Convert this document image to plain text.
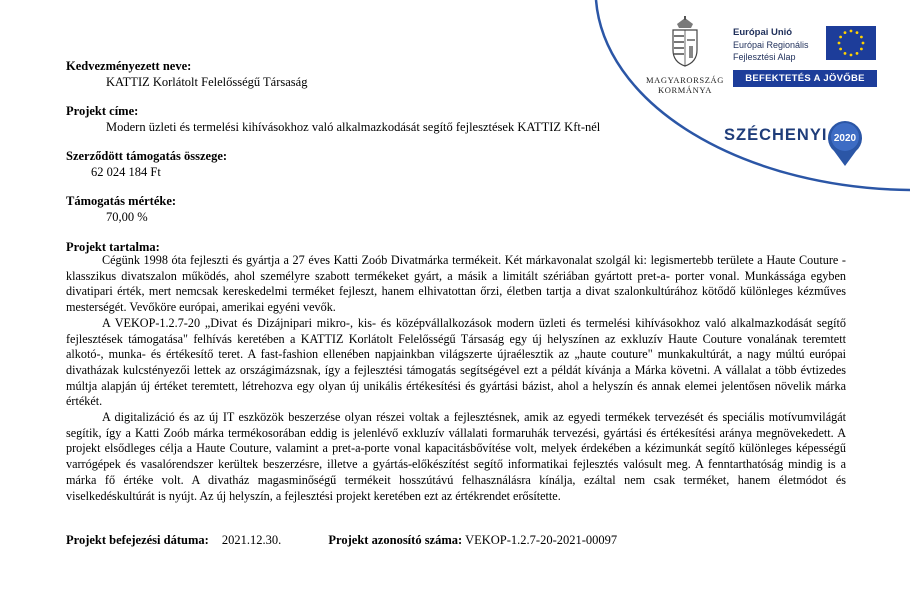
MAGYARORSZÁG KORMÁNYA
Európai Unió
Európai Regionális
Fejlesztési Alap
BEFEKTETÉS A JÖVŐBE
SZÉCHENYI 2020
Kedvezményezett neve:
KATTIZ Korlátolt Felelősségű Társaság
Projekt címe:
Modern üzleti és termelési kihívásokhoz való alkalmazkodását segítő fejlesztések KATTIZ Kft-nél
Szerződött támogatás összege:
62 024 184 Ft
Támogatás mértéke:
70,00 %
Projekt tartalma:

Cégünk 1998 óta fejleszti és gyártja a 27 éves Katti Zoób Divatmárka termékeit. Két márkavonalat szolgál ki: legismertebb területe a Haute Couture - klasszikus divatszalon működés, ahol személyre szabott termékeket gyárt, a másik a limitált szériában gyártott pret-a- porter vonal. Munkássága egyben divatipari érték, mert nemcsak kereskedelmi terméket fejleszt, hanem elhivatottan őrzi, életben tartja a divat szalonkultúrához kötődő különleges kézműves mesterségét. Vevőköre európai, amerikai egyéni vevők.

A VEKOP-1.2.7-20 „Divat és Dizájnipari mikro-, kis- és középvállalkozások modern üzleti és termelési kihívásokhoz való alkalmazkodását segítő fejlesztések támogatása" felhívás keretében a KATTIZ Korlátolt Felelősségű Társaság egy új helyszínen az exkluzív Haute Couture vonalának teremtett alkotó-, munka- és értékesítő teret. A fast-fashion ellenében napjainkban világszerte újraélesztik az „haute couture" munkakultúrát, a nagy múltú európai divatházak kulcstényezői lettek az országimázsnak, így a fejlesztési támogatás segítségével ezt a példát kívánja a Márka követni. A vállalat a több évtizedes múltja alapján új értéket teremtett, létrehozva egy olyan új unikális értékesítési és gyártási bázist, ahol a helyszín és annak elemei jelentősen növelik márka értékét.

A digitalizáció és az új IT eszközök beszerzése olyan részei voltak a fejlesztésnek, amik az egyedi termékek tervezését és speciális motívumvilágát segítik, így a Katti Zoób márka termékosorában eddig is jelenlévő exkluzív vállalati formaruhák tervezési, gyártási és értékesítési aránya megnövekedett. A projekt elsődleges célja a Haute Couture, valamint a pret-a-porte vonal kapacitásbővítése volt, melyek érdekében a kézimunkát segítő különleges képességű varrógépek és vasalórendszer kerültek beszerzésre, illetve a gyártás-előkészítést segítő informatikai fejlesztés valósult meg. A fenntarthatóság mindig is a márka fő értéke volt. A divatház magasminőségű termékeit hosszútávú felhasználásra kínálja, ezáltal nem csak terméket, hanem életmódot és viselkedéskultúrát is nyújt. Az új helyszín, a fejlesztési projekt keretében ezt az értékrendet erősítette.

Projekt befejezési dátuma: 2021.12.30.	Projekt azonosító száma: VEKOP-1.2.7-20-2021-00097
